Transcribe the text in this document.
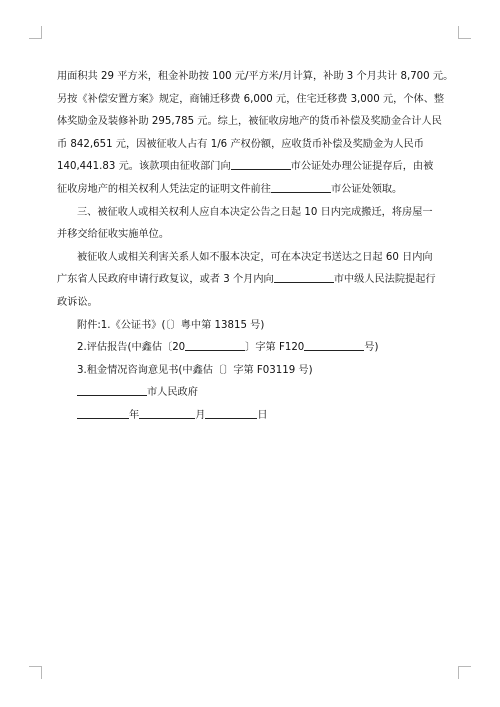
用面积共 29 平方米，租金补助按 100 元/平方米/月计算，补助 3 个月共计 8,700 元。
另按《补偿安置方案》规定，商铺迁移费 6,000 元，住宅迁移费 3,000 元，个体、整
体奖励金及装修补助 295,785 元。综上，被征收房地产的货币补偿及奖励金合计人民
币 842,651 元，因被征收人占有 1/6 产权份额，应收货币补偿及奖励金为人民币
140,441.83 元。该款项由征收部门向	市公证处办理公证提存后，由被
征收房地产的相关权利人凭法定的证明文件前往	市公证处领取。
三、被征收人或相关权利人应自本决定公告之日起 10 日内完成搬迁，将房屋一
并移交给征收实施单位。
被征收人或相关利害关系人如不服本决定，可在本决定书送达之日起 60 日内向
广东省人民政府申请行政复议，或者 3 个月内向	市中级人民法院提起行
政诉讼。
附件:1.《公证书》(〔〕粤中第 13815 号)
2.评估报告(中鑫估〔20	〕字第 F120	号)
3.租金情况咨询意见书(中鑫估〔〕字第 F03119 号)
市人民政府
年	月	日
